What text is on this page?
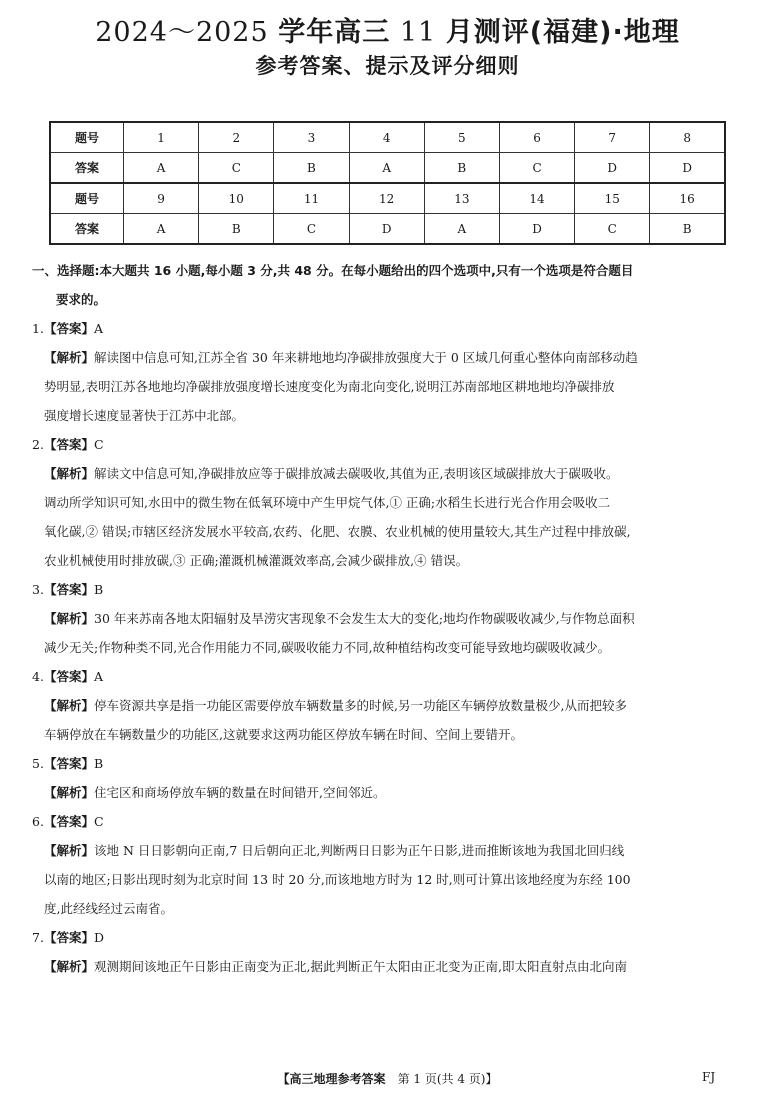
2024～2025 学年高三 11 月测评(福建)·地理
参考答案、提示及评分细则
题号	1	2	3	4	5	6	7	8
答案	A	C	B	A	B	C	D	D
题号	9	10	11	12	13	14	15	16
答案	A	B	C	D	A	D	C	B
一、选择题:本大题共 16 小题,每小题 3 分,共 48 分。在每小题给出的四个选项中,只有一个选项是符合题目
要求的。
1.【答案】A
【解析】解读图中信息可知,江苏全省 30 年来耕地地均净碳排放强度大于 0 区域几何重心整体向南部移动趋
势明显,表明江苏各地地均净碳排放强度增长速度变化为南北向变化,说明江苏南部地区耕地地均净碳排放
强度增长速度显著快于江苏中北部。
2.【答案】C
【解析】解读文中信息可知,净碳排放应等于碳排放减去碳吸收,其值为正,表明该区域碳排放大于碳吸收。
调动所学知识可知,水田中的微生物在低氧环境中产生甲烷气体,① 正确;水稻生长进行光合作用会吸收二
氧化碳,② 错误;市辖区经济发展水平较高,农药、化肥、农膜、农业机械的使用量较大,其生产过程中排放碳,
农业机械使用时排放碳,③ 正确;灌溉机械灌溉效率高,会减少碳排放,④ 错误。
3.【答案】B
【解析】30 年来苏南各地太阳辐射及旱涝灾害现象不会发生太大的变化;地均作物碳吸收减少,与作物总面积
减少无关;作物种类不同,光合作用能力不同,碳吸收能力不同,故种植结构改变可能导致地均碳吸收减少。
4.【答案】A
【解析】停车资源共享是指一功能区需要停放车辆数量多的时候,另一功能区车辆停放数量极少,从而把较多
车辆停放在车辆数量少的功能区,这就要求这两功能区停放车辆在时间、空间上要错开。
5.【答案】B
【解析】住宅区和商场停放车辆的数量在时间错开,空间邻近。
6.【答案】C
【解析】该地 N 日日影朝向正南,7 日后朝向正北,判断两日日影为正午日影,进而推断该地为我国北回归线
以南的地区;日影出现时刻为北京时间 13 时 20 分,而该地地方时为 12 时,则可计算出该地经度为东经 100
度,此经线经过云南省。
7.【答案】D
【解析】观测期间该地正午日影由正南变为正北,据此判断正午太阳由正北变为正南,即太阳直射点由北向南
【高三地理参考答案　 第 1 页(共 4 页)】	FJ
